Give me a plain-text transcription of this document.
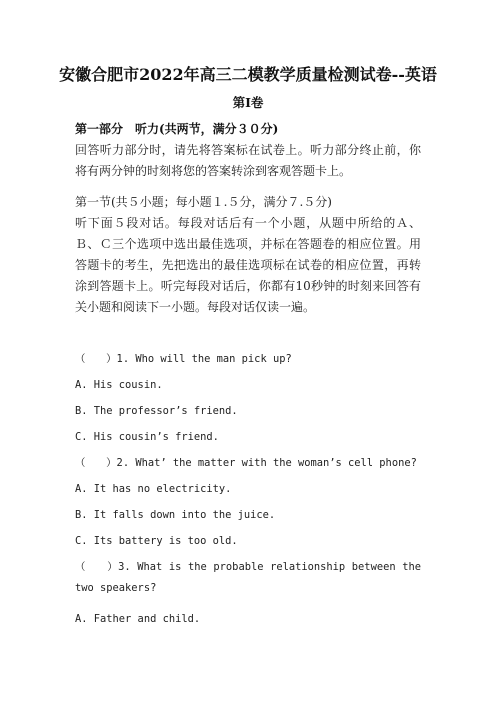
安徽合肥市2022年高三二模教学质量检测试卷--英语
第Ⅰ卷
第一部分　听力(共两节，满分３０分)
回答听力部分时，请先将答案标在试卷上。听力部分终止前，你将有两分钟的时刻将您的答案转涂到客观答题卡上。
第一节(共５小题；每小题１.５分，满分７.５分)
听下面５段对话。每段对话后有一个小题，从题中所给的Ａ、Ｂ、Ｃ三个选项中选出最佳选项，并标在答题卷的相应位置。用答题卡的考生，先把选出的最佳选项标在试卷的相应位置，再转涂到答题卡上。听完每段对话后，你都有10秒钟的时刻来回答有关小题和阅读下一小题。每段对话仅读一遍。
（　　）1. Who will the man pick up?
A. His cousin.
B. The professor’s friend.
C. His cousin’s friend.
（　　）2. What’ the matter with the woman’s cell phone?
A. It has no electricity.
B. It falls down into the juice.
C. Its battery is too old.
（　　）3. What is the probable relationship between the two speakers?
A. Father and child.
